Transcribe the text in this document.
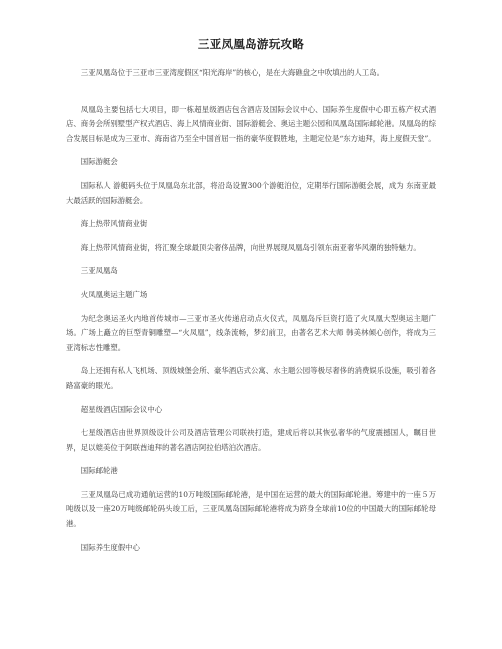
三亚凤凰岛游玩攻略

三亚凤凰岛位于三亚市三亚湾度假区“阳光海岸”的核心，是在大海礁盘之中吹填出的人工岛。

凤凰岛主要包括七大项目，即一栋超星级酒店包含酒店及国际会议中心、国际养生度假中心即五栋产权式酒店、商务会所别墅型产权式酒店、海上风情商业街、国际游艇会、奥运主题公园和凤凰岛国际邮轮港。凤凰岛的综合发展目标是成为三亚市、海南省乃至全中国首屈一指的豪华度假胜地，主题定位是“东方迪拜，海上度假天堂”。

国际游艇会

国际私人 游艇码头位于凤凰岛东北部，将沿岛设置300个游艇泊位，定期举行国际游艇会展，成为 东南亚最大最活跃的国际游艇会。

海上热带风情商业街

海上热带风情商业街，将汇聚全球最顶尖奢侈品牌，向世界展现凤凰岛引领东南亚奢华风潮的独特魅力。

三亚凤凰岛

火凤凰奥运主题广场

为纪念奥运圣火内地首传城市—三亚市圣火传递启动点火仪式，凤凰岛斥巨资打造了火凤凰大型奥运主题广场。广场上矗立的巨型青铜雕塑—“火凤凰”，线条流畅，梦幻前卫，由著名艺术大师 韩美林倾心创作，将成为三亚湾标志性雕塑。

岛上还拥有私人飞机场、顶级城堡会所、豪华酒店式公寓、水主题公园等极尽奢侈的消费娱乐设施，吸引着各路富豪的眼光。

超星级酒店国际会议中心

七星级酒店由世界顶级设计公司及酒店管理公司联袂打造，建成后将以其恢弘奢华的气度震撼国人，瞩目世界，足以媲美位于阿联酋迪拜的著名酒店阿拉伯塔泊次酒店。

国际邮轮港

三亚凤凰岛已成功通航运营的10万吨级国际邮轮港，是中国在运营的最大的国际邮轮港。筹建中的一座５万吨级以及一座20万吨级邮轮码头竣工后，三亚凤凰岛国际邮轮港将成为跻身全球前10位的中国最大的国际邮轮母港。

国际养生度假中心
